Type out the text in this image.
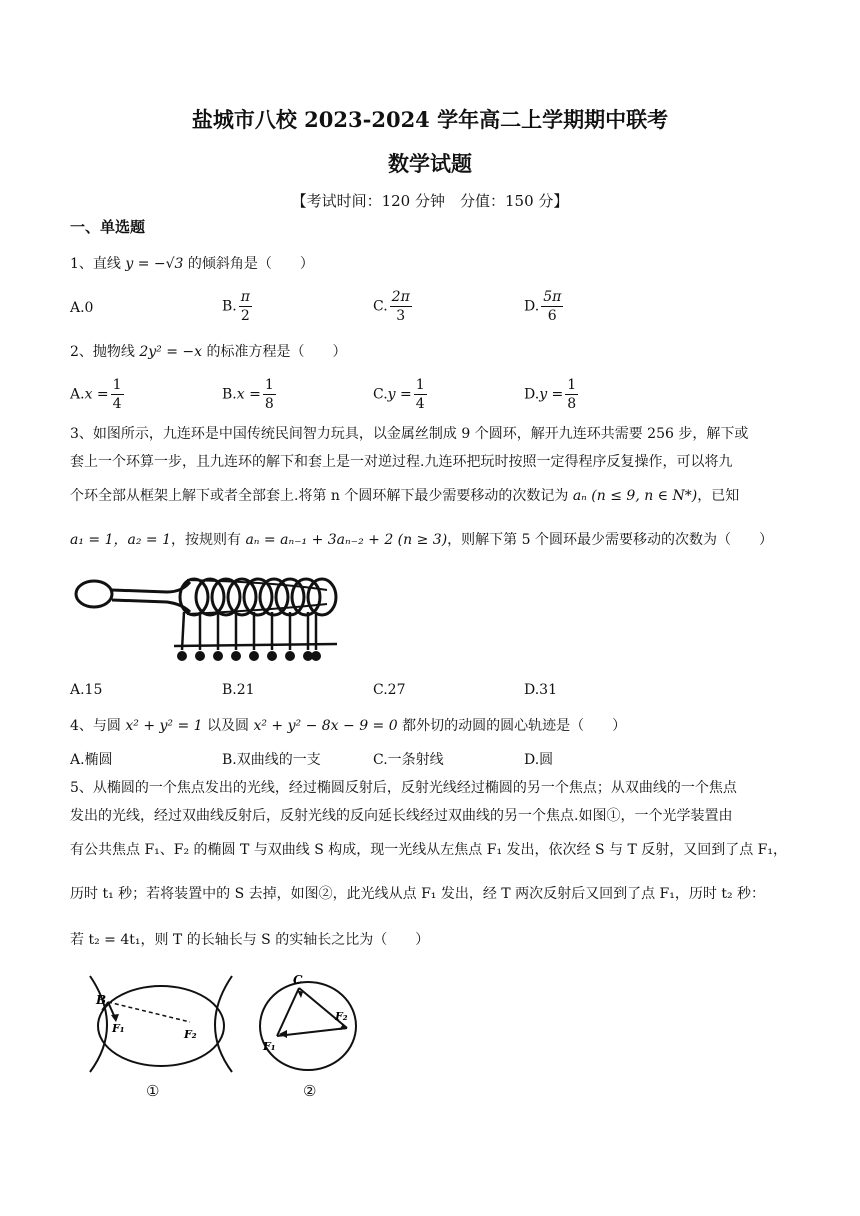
盐城市八校 2023-2024 学年高二上学期期中联考
数学试题
【考试时间：120 分钟　分值：150 分】
一、单选题
1、直线 y = −√3 的倾斜角是（　　）
A.0	B. $\frac{\pi}{2}$	C. $\frac{2\pi}{3}$	D. $\frac{5\pi}{6}$
2、抛物线 2y² = −x 的标准方程是（　　）
$A.x = \frac{1}{4}$	$B.x = \frac{1}{8}$	$C.y = \frac{1}{4}$	$D.y = \frac{1}{8}$
3、如图所示，九连环是中国传统民间智力玩具，以金属丝制成 9 个圆环，解开九连环共需要 256 步，解下或
套上一个环算一步，且九连环的解下和套上是一对逆过程.九连环把玩时按照一定得程序反复操作，可以将九
个环全部从框架上解下或者全部套上.将第 n 个圆环解下最少需要移动的次数记为 aₙ (n ≤ 9, n ∈ N*)，已知
a₁ = 1，a₂ = 1，按规则有 aₙ = aₙ₋₁ + 3aₙ₋₂ + 2 (n ≥ 3)，则解下第 5 个圆环最少需要移动的次数为（　　）
A.15	B.21	C.27	D.31
4、与圆 x² + y² = 1 以及圆 x² + y² − 8x − 9 = 0 都外切的动圆的圆心轨迹是（　　）
A.椭圆	B.双曲线的一支	C.一条射线	D.圆
5、从椭圆的一个焦点发出的光线，经过椭圆反射后，反射光线经过椭圆的另一个焦点；从双曲线的一个焦点
发出的光线，经过双曲线反射后，反射光线的反向延长线经过双曲线的另一个焦点.如图①，一个光学装置由
有公共焦点 F₁、F₂ 的椭圆 T 与双曲线 S 构成，现一光线从左焦点 F₁ 发出，依次经 S 与 T 反射，又回到了点 F₁，
历时 t₁ 秒；若将装置中的 S 去掉，如图②，此光线从点 F₁ 发出，经 T 两次反射后又回到了点 F₁，历时 t₂ 秒：
若 t₂ = 4t₁，则 T 的长轴长与 S 的实轴长之比为（　　）
B
F₁	F₂
C
F₁
F₂
①	②
